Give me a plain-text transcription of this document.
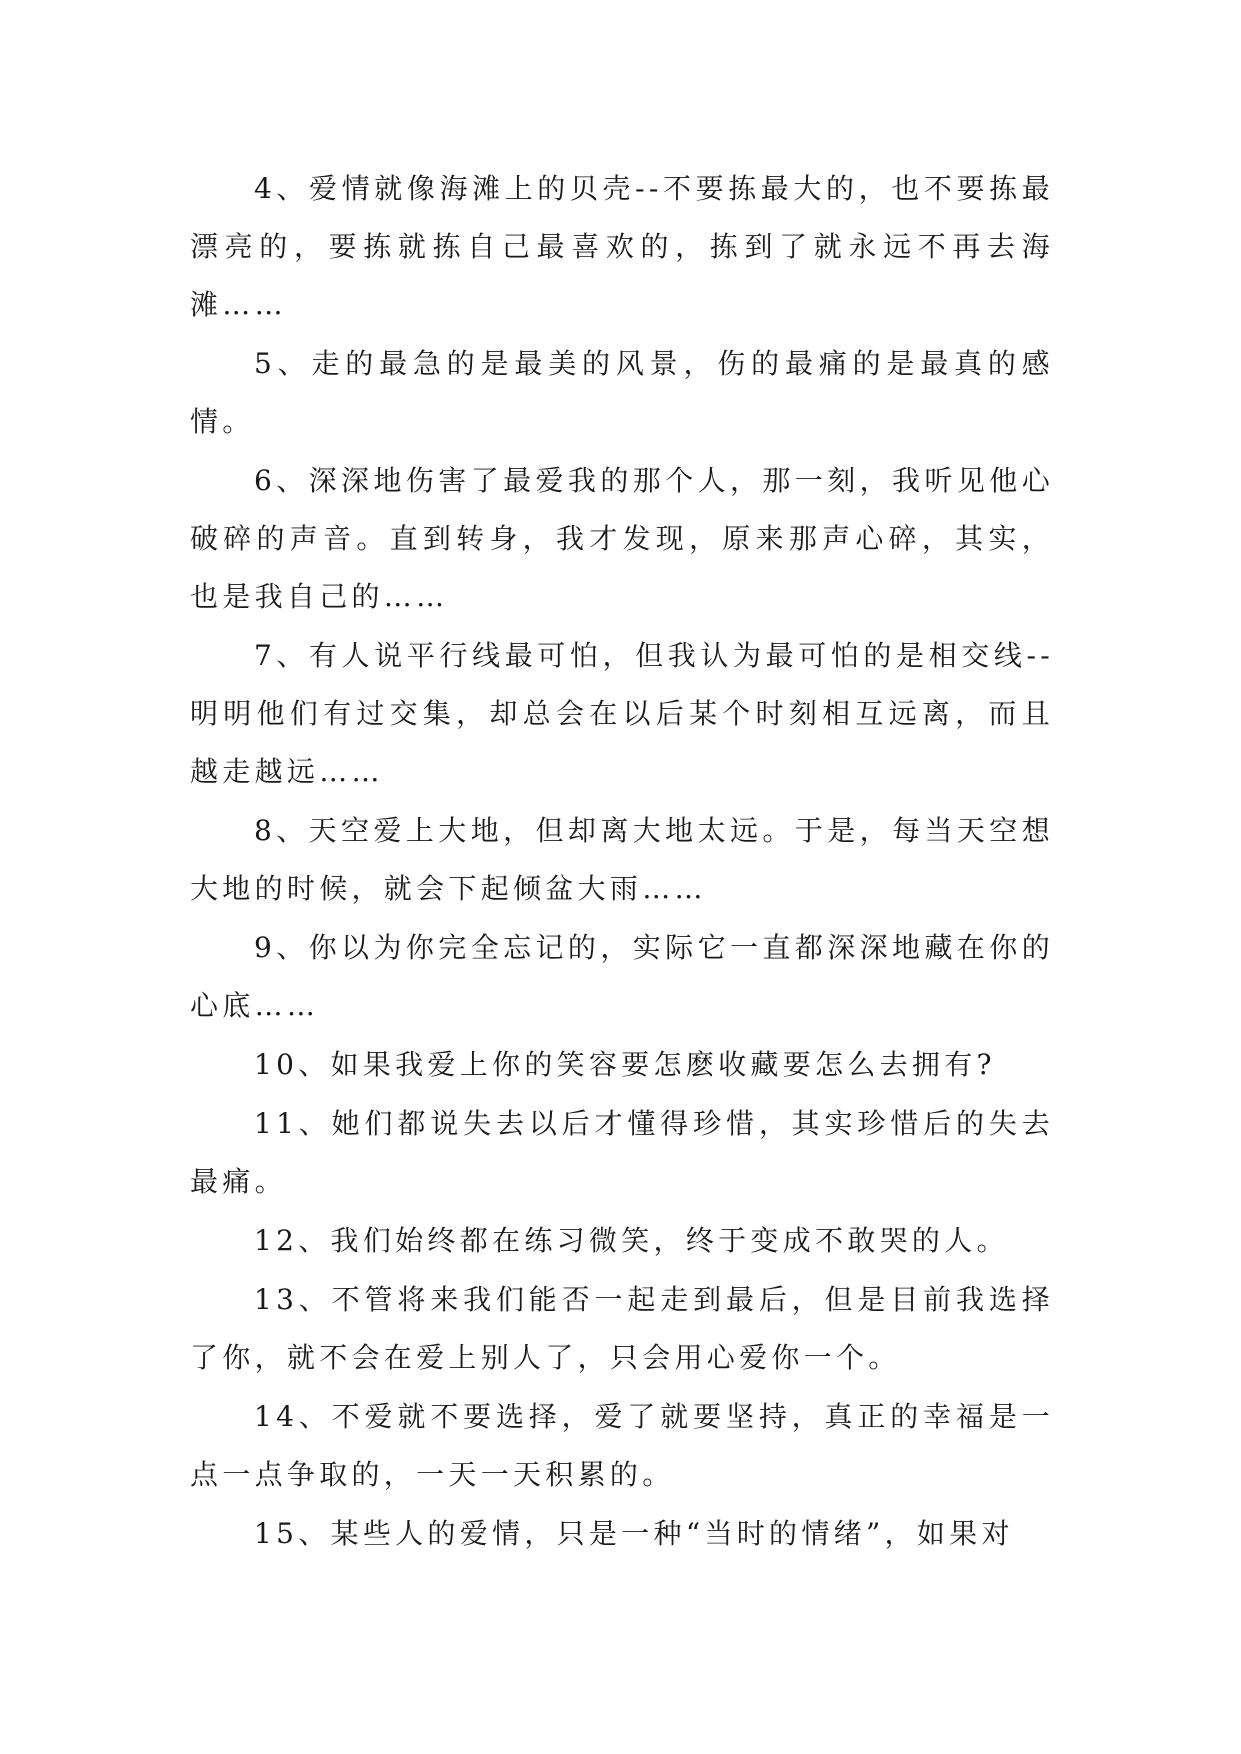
4、爱情就像海滩上的贝壳--不要拣最大的，也不要拣最漂亮的，要拣就拣自己最喜欢的，拣到了就永远不再去海滩……

5、走的最急的是最美的风景，伤的最痛的是最真的感情。

6、深深地伤害了最爱我的那个人，那一刻，我听见他心破碎的声音。直到转身，我才发现，原来那声心碎，其实，也是我自己的……

7、有人说平行线最可怕，但我认为最可怕的是相交线--明明他们有过交集，却总会在以后某个时刻相互远离，而且越走越远……

8、天空爱上大地，但却离大地太远。于是，每当天空想大地的时候，就会下起倾盆大雨……

9、你以为你完全忘记的，实际它一直都深深地藏在你的心底……

10、如果我爱上你的笑容要怎麽收藏要怎么去拥有?

11、她们都说失去以后才懂得珍惜，其实珍惜后的失去最痛。

12、我们始终都在练习微笑，终于变成不敢哭的人。

13、不管将来我们能否一起走到最后，但是目前我选择了你，就不会在爱上别人了，只会用心爱你一个。

14、不爱就不要选择，爱了就要坚持，真正的幸福是一点一点争取的，一天一天积累的。

15、某些人的爱情，只是一种“当时的情绪”，如果对
